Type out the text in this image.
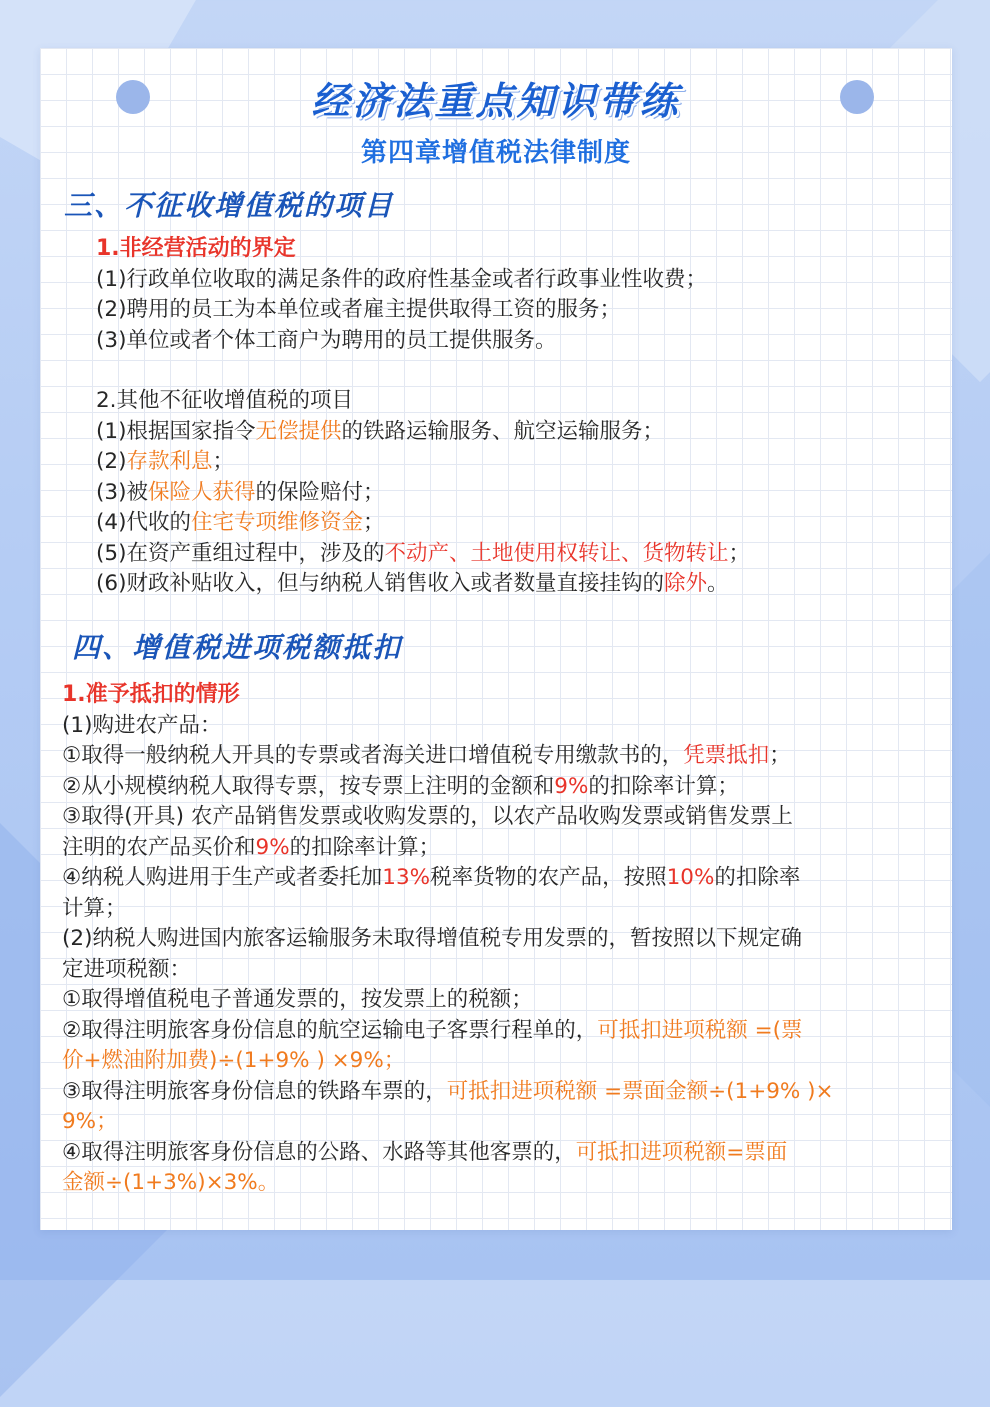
经济法重点知识带练
第四章增值税法律制度
三、不征收增值税的项目
1.非经营活动的界定
(1)行政单位收取的满足条件的政府性基金或者行政事业性收费；
(2)聘用的员工为本单位或者雇主提供取得工资的服务；
(3)单位或者个体工商户为聘用的员工提供服务。
2.其他不征收增值税的项目
(1)根据国家指令无偿提供的铁路运输服务、航空运输服务；
(2)存款利息；
(3)被保险人获得的保险赔付；
(4)代收的住宅专项维修资金；
(5)在资产重组过程中，涉及的不动产、土地使用权转让、货物转让；
(6)财政补贴收入，但与纳税人销售收入或者数量直接挂钩的除外。
四、增值税进项税额抵扣
1.准予抵扣的情形
(1)购进农产品：
①取得一般纳税人开具的专票或者海关进口增值税专用缴款书的，凭票抵扣；
②从小规模纳税人取得专票，按专票上注明的金额和9%的扣除率计算；
③取得(开具) 农产品销售发票或收购发票的，以农产品收购发票或销售发票上
注明的农产品买价和9%的扣除率计算；
④纳税人购进用于生产或者委托加13%税率货物的农产品，按照10%的扣除率
计算；
(2)纳税人购进国内旅客运输服务未取得增值税专用发票的，暂按照以下规定确
定进项税额：
①取得增值税电子普通发票的，按发票上的税额；
②取得注明旅客身份信息的航空运输电子客票行程单的，可抵扣进项税额 =(票
价+燃油附加费)÷(1+9% ) ×9%；
③取得注明旅客身份信息的铁路车票的，可抵扣进项税额 =票面金额÷(1+9% )×
9%；
④取得注明旅客身份信息的公路、水路等其他客票的，可抵扣进项税额=票面
金额÷(1+3%)×3%。
